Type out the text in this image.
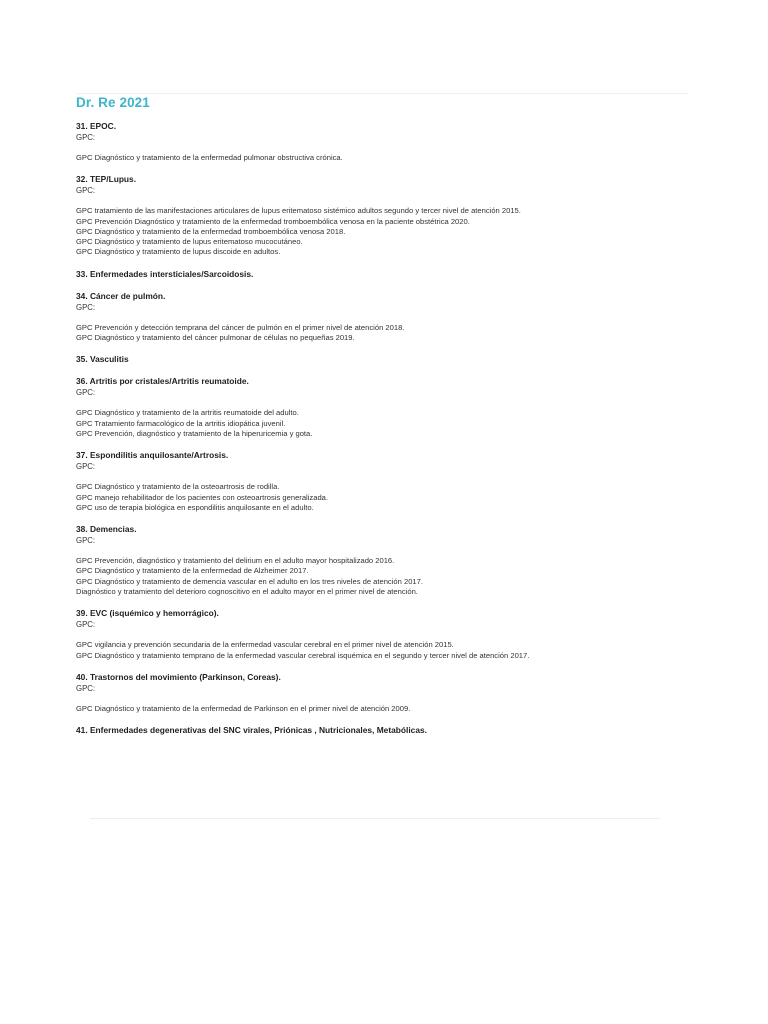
Dr. Re 2021
31. EPOC.
GPC:
GPC Diagnóstico y tratamiento de la enfermedad pulmonar obstructiva crónica.
32. TEP/Lupus.
GPC:
GPC tratamiento de las manifestaciones articulares de lupus eritematoso sistémico adultos segundo y tercer nivel de atención 2015.
GPC Prevención Diagnóstico y tratamiento de la enfermedad tromboembólica venosa en la paciente obstétrica 2020.
GPC Diagnóstico y tratamiento de la enfermedad tromboembólica venosa 2018.
GPC Diagnóstico y tratamiento de lupus eritematoso mucocutáneo.
GPC Diagnóstico y tratamiento de lupus discoide en adultos.
33. Enfermedades intersticiales/Sarcoidosis.
34. Cáncer de pulmón.
GPC:
GPC Prevención y detección temprana del cáncer de pulmón en el primer nivel de atención 2018.
GPC Diagnóstico y tratamiento del cáncer pulmonar de células no pequeñas 2019.
35. Vasculitis
36. Artritis por cristales/Artritis reumatoide.
GPC:
GPC Diagnóstico y tratamiento de la artritis reumatoide del adulto.
GPC Tratamiento farmacológico de la artritis idiopática juvenil.
GPC Prevención, diagnóstico y tratamiento de la hiperuricemia y gota.
37. Espondilitis anquilosante/Artrosis.
GPC:
GPC Diagnóstico y tratamiento de la osteoartrosis de rodilla.
GPC manejo rehabilitador de los pacientes con osteoartrosis generalizada.
GPC uso de terapia biológica en espondilitis anquilosante en el adulto.
38. Demencias.
GPC:
GPC Prevención, diagnóstico y tratamiento del delirium en el adulto mayor hospitalizado 2016.
GPC Diagnóstico y tratamiento de la enfermedad de Alzheimer 2017.
GPC Diagnóstico y tratamiento de demencia vascular en el adulto en los tres niveles de atención 2017.
Diagnóstico y tratamiento del deterioro cognoscitivo en el adulto mayor en el primer nivel de atención.
39. EVC (isquémico y hemorrágico).
GPC:
GPC vigilancia y prevención secundaria de la enfermedad vascular cerebral en el primer nivel de atención 2015.
GPC Diagnóstico y tratamiento temprano de la enfermedad vascular cerebral isquémica en el segundo y tercer nivel de atención 2017.
40. Trastornos del movimiento (Parkinson, Coreas).
GPC:
GPC Diagnóstico y tratamiento de la enfermedad de Parkinson en el primer nivel de atención 2009.
41. Enfermedades degenerativas del SNC virales, Priónicas , Nutricionales, Metabólicas.
